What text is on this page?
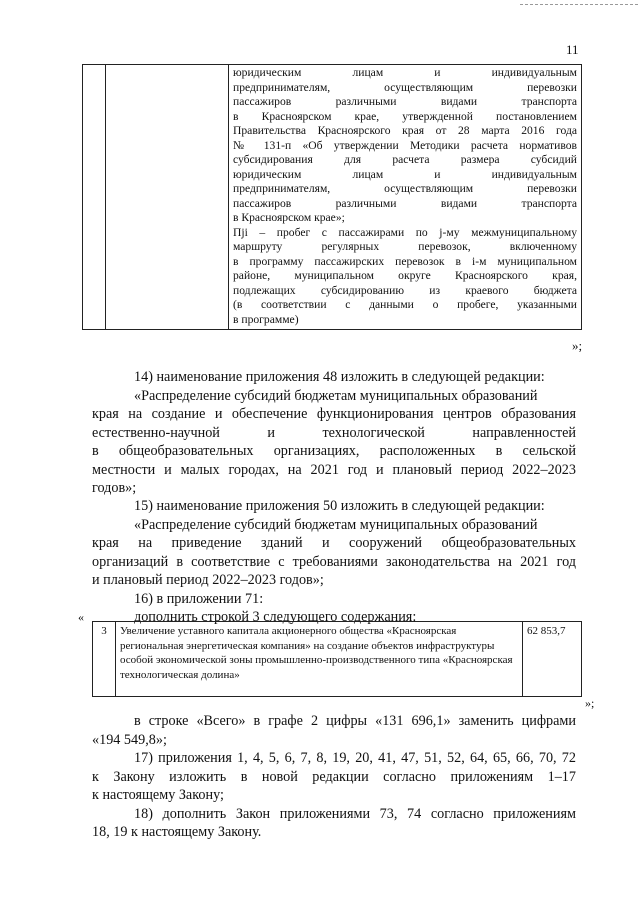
11

юридическим лицам и индивидуальным

предпринимателям, осуществляющим перевозки

пассажиров различными видами транспорта

в Красноярском крае, утвержденной постановлением

Правительства Красноярского края от 28 марта 2016 года

№ 131-п «Об утверждении Методики расчета нормативов

субсидирования для расчета размера субсидий

юридическим лицам и индивидуальным

предпринимателям, осуществляющим перевозки

пассажиров различными видами транспорта

в Красноярском крае»;

Пji – пробег с пассажирами по j-му межмуниципальному

маршруту регулярных перевозок, включенному

в программу пассажирских перевозок в i-м муниципальном

районе, муниципальном округе Красноярского края,

подлежащих субсидированию из краевого бюджета

(в соответствии с данными о пробеге, указанными

в программе)

»;
14) наименование приложения 48 изложить в следующей редакции:
«Распределение субсидий бюджетам муниципальных образований
края на создание и обеспечение функционирования центров образования
естественно-научной и технологической направленностей
в общеобразовательных организациях, расположенных в сельской
местности и малых городах, на 2021 год и плановый период 2022–2023
годов»;
15) наименование приложения 50 изложить в следующей редакции:
«Распределение субсидий бюджетам муниципальных образований
края на приведение зданий и сооружений общеобразовательных
организаций в соответствие с требованиями законодательства на 2021 год
и плановый период 2022–2023 годов»;
16) в приложении 71:
дополнить строкой 3 следующего содержания:
«
3	Увеличение уставного капитала акционерного общества «Красноярская региональная энергетическая компания» на создание объектов инфраструктуры особой экономической зоны промышленно-производственного типа «Красноярская технологическая долина»	62 853,7
»;
в строке «Всего» в графе 2 цифры «131 696,1» заменить цифрами
«194 549,8»;
17) приложения 1, 4, 5, 6, 7, 8, 19, 20, 41, 47, 51, 52, 64, 65, 66, 70, 72
к Закону изложить в новой редакции согласно приложениям 1–17
к настоящему Закону;
18) дополнить Закон приложениями 73, 74 согласно приложениям
18, 19 к настоящему Закону.
